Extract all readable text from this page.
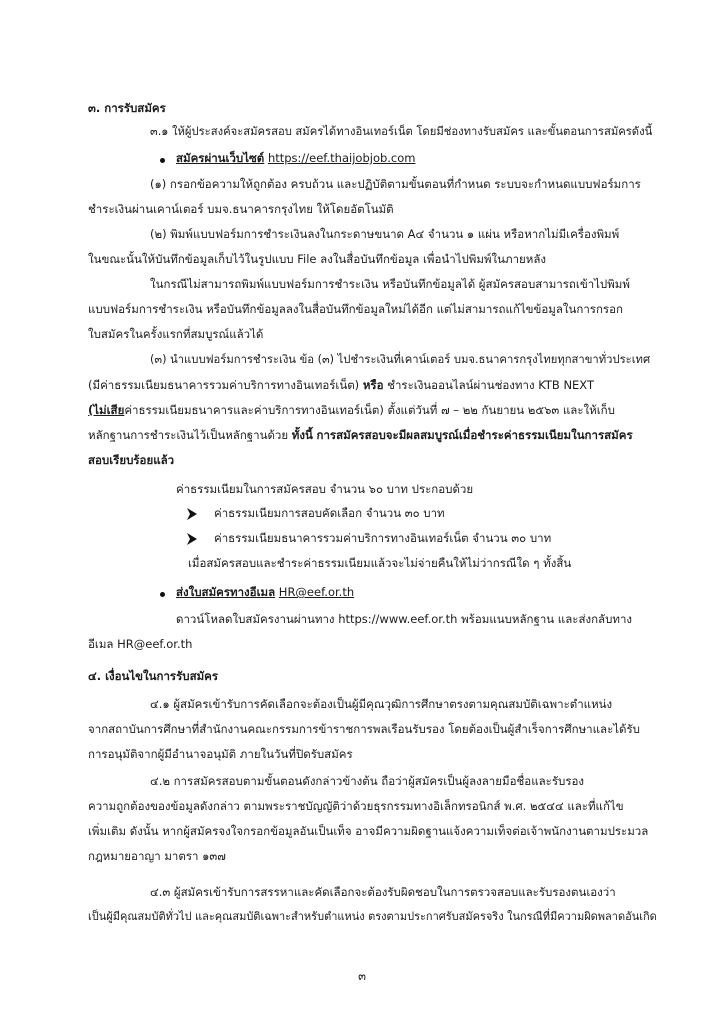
๓. การรับสมัคร
๓.๑ ให้ผู้ประสงค์จะสมัครสอบ สมัครได้ทางอินเทอร์เน็ต โดยมีช่องทางรับสมัคร และขั้นตอนการสมัครดังนี้
สมัครผ่านเว็บไซต์ https://eef.thaijobjob.com
(๑) กรอกข้อความให้ถูกต้อง ครบถ้วน และปฏิบัติตามขั้นตอนที่กำหนด ระบบจะกำหนดแบบฟอร์มการ
ชำระเงินผ่านเคาน์เตอร์ บมจ.ธนาคารกรุงไทย ให้โดยอัตโนมัติ
(๒) พิมพ์แบบฟอร์มการชำระเงินลงในกระดาษขนาด A๔ จำนวน ๑ แผ่น หรือหากไม่มีเครื่องพิมพ์
ในขณะนั้นให้บันทึกข้อมูลเก็บไว้ในรูปแบบ File ลงในสื่อบันทึกข้อมูล เพื่อนำไปพิมพ์ในภายหลัง
ในกรณีไม่สามารถพิมพ์แบบฟอร์มการชำระเงิน หรือบันทึกข้อมูลได้ ผู้สมัครสอบสามารถเข้าไปพิมพ์
แบบฟอร์มการชำระเงิน หรือบันทึกข้อมูลลงในสื่อบันทึกข้อมูลใหม่ได้อีก แต่ไม่สามารถแก้ไขข้อมูลในการกรอก
ใบสมัครในครั้งแรกที่สมบูรณ์แล้วได้
(๓) นำแบบฟอร์มการชำระเงิน ข้อ (๓) ไปชำระเงินที่เคาน์เตอร์ บมจ.ธนาคารกรุงไทยทุกสาขาทั่วประเทศ
(มีค่าธรรมเนียมธนาคารรวมค่าบริการทางอินเทอร์เน็ต) หรือ ชำระเงินออนไลน์ผ่านช่องทาง KTB NEXT
(ไม่เสียค่าธรรมเนียมธนาคารและค่าบริการทางอินเทอร์เน็ต) ตั้งแต่วันที่ ๗ – ๒๒ กันยายน ๒๕๖๓ และให้เก็บ
หลักฐานการชำระเงินไว้เป็นหลักฐานด้วย ทั้งนี้ การสมัครสอบจะมีผลสมบูรณ์เมื่อชำระค่าธรรมเนียมในการสมัคร
สอบเรียบร้อยแล้ว
ค่าธรรมเนียมในการสมัครสอบ จำนวน ๖๐ บาท ประกอบด้วย
ค่าธรรมเนียมการสอบคัดเลือก จำนวน ๓๐ บาท
ค่าธรรมเนียมธนาคารรวมค่าบริการทางอินเทอร์เน็ต จำนวน ๓๐ บาท
เมื่อสมัครสอบและชำระค่าธรรมเนียมแล้วจะไม่จ่ายคืนให้ไม่ว่ากรณีใด ๆ ทั้งสิ้น
ส่งใบสมัครทางอีเมล HR@eef.or.th
ดาวน์โหลดใบสมัครงานผ่านทาง https://www.eef.or.th พร้อมแนบหลักฐาน และส่งกลับทาง
อีเมล HR@eef.or.th
๔. เงื่อนไขในการรับสมัคร
๔.๑ ผู้สมัครเข้ารับการคัดเลือกจะต้องเป็นผู้มีคุณวุฒิการศึกษาตรงตามคุณสมบัติเฉพาะตำแหน่ง
จากสถาบันการศึกษาที่สำนักงานคณะกรรมการข้าราชการพลเรือนรับรอง โดยต้องเป็นผู้สำเร็จการศึกษาและได้รับ
การอนุมัติจากผู้มีอำนาจอนุมัติ ภายในวันที่ปิดรับสมัคร
๔.๒ การสมัครสอบตามขั้นตอนดังกล่าวข้างต้น ถือว่าผู้สมัครเป็นผู้ลงลายมือชื่อและรับรอง
ความถูกต้องของข้อมูลดังกล่าว ตามพระราชบัญญัติว่าด้วยธุรกรรมทางอิเล็กทรอนิกส์ พ.ศ. ๒๕๔๔ และที่แก้ไข
เพิ่มเติม ดังนั้น หากผู้สมัครจงใจกรอกข้อมูลอันเป็นเท็จ อาจมีความผิดฐานแจ้งความเท็จต่อเจ้าพนักงานตามประมวล
กฎหมายอาญา มาตรา ๑๓๗
๔.๓ ผู้สมัครเข้ารับการสรรหาและคัดเลือกจะต้องรับผิดชอบในการตรวจสอบและรับรองตนเองว่า
เป็นผู้มีคุณสมบัติทั่วไป และคุณสมบัติเฉพาะสำหรับตำแหน่ง ตรงตามประกาศรับสมัครจริง ในกรณีที่มีความผิดพลาดอันเกิด
๓
